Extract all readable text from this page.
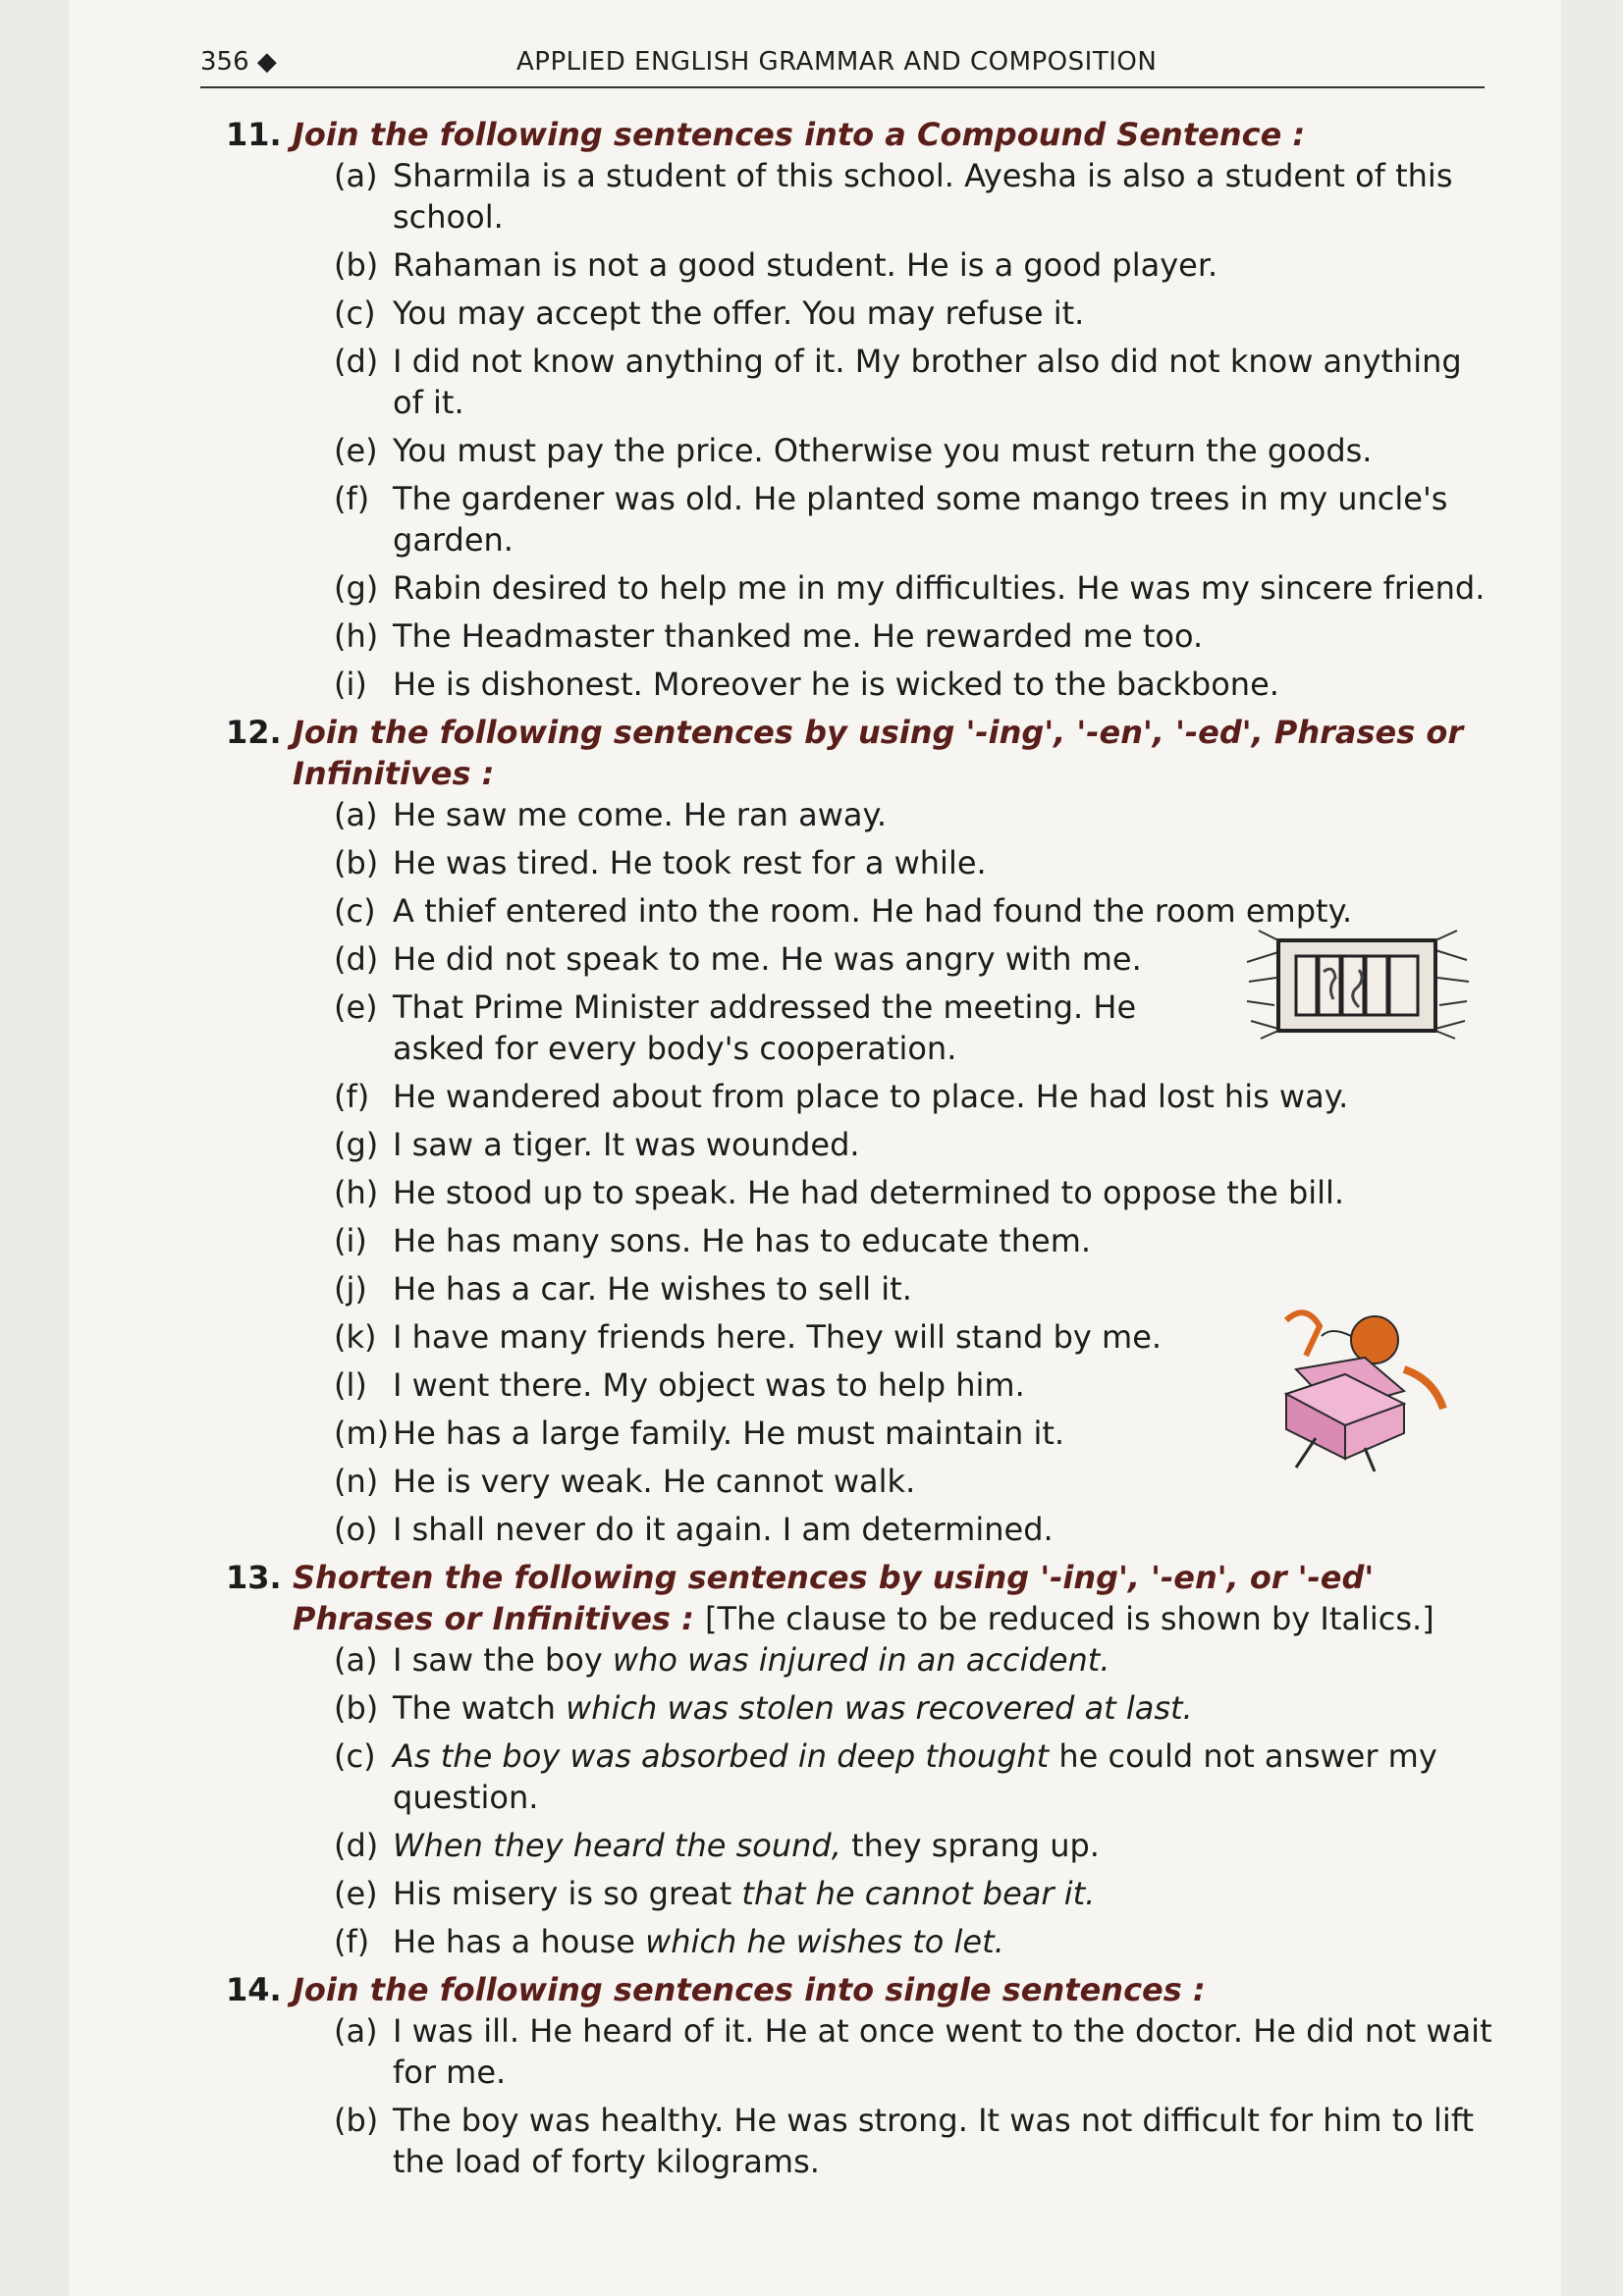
356 ◆	APPLIED ENGLISH GRAMMAR AND COMPOSITION
11. Join the following sentences into a Compound Sentence :
(a) Sharmila is a student of this school. Ayesha is also a student of this school.
(b) Rahaman is not a good student. He is a good player.
(c) You may accept the offer. You may refuse it.
(d) I did not know anything of it. My brother also did not know anything of it.
(e) You must pay the price. Otherwise you must return the goods.
(f) The gardener was old. He planted some mango trees in my uncle's garden.
(g) Rabin desired to help me in my difficulties. He was my sincere friend.
(h) The Headmaster thanked me. He rewarded me too.
(i) He is dishonest. Moreover he is wicked to the backbone.
12. Join the following sentences by using '-ing', '-en', '-ed', Phrases or Infinitives :
(a) He saw me come. He ran away.
(b) He was tired. He took rest for a while.
(c) A thief entered into the room. He had found the room empty.
(d) He did not speak to me. He was angry with me.
(e) That Prime Minister addressed the meeting. He asked for every body's cooperation.
(f) He wandered about from place to place. He had lost his way.
(g) I saw a tiger. It was wounded.
(h) He stood up to speak. He had determined to oppose the bill.
(i) He has many sons. He has to educate them.
(j) He has a car. He wishes to sell it.
(k) I have many friends here. They will stand by me.
(l) I went there. My object was to help him.
(m) He has a large family. He must maintain it.
(n) He is very weak. He cannot walk.
(o) I shall never do it again. I am determined.
13. Shorten the following sentences by using '-ing', '-en', or '-ed' Phrases or Infinitives : [The clause to be reduced is shown by Italics.]
(a) I saw the boy who was injured in an accident.
(b) The watch which was stolen was recovered at last.
(c) As the boy was absorbed in deep thought he could not answer my question.
(d) When they heard the sound, they sprang up.
(e) His misery is so great that he cannot bear it.
(f) He has a house which he wishes to let.
14. Join the following sentences into single sentences :
(a) I was ill. He heard of it. He at once went to the doctor. He did not wait for me.
(b) The boy was healthy. He was strong. It was not difficult for him to lift the load of forty kilograms.
